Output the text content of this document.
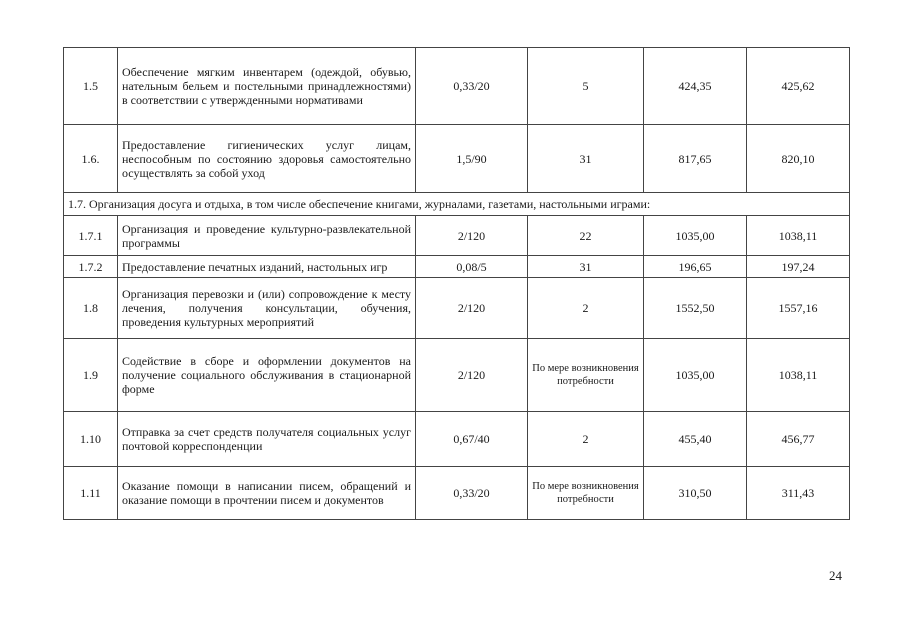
1.5	Обеспечение мягким инвентарем (одеждой, обувью, нательным бельем и постельными принадлежностями) в соответствии с утвержденными нормативами	0,33/20	5	424,35	425,62
1.6.	Предоставление гигиенических услуг лицам, неспособным по состоянию здоровья самостоятельно осуществлять за собой уход	1,5/90	31	817,65	820,10
1.7. Организация досуга и отдыха, в том числе обеспечение книгами, журналами, газетами, настольными играми:					
1.7.1	Организация и проведение культурно-развлекательной программы	2/120	22	1035,00	1038,11
1.7.2	Предоставление печатных изданий, настольных игр	0,08/5	31	196,65	197,24
1.8	Организация перевозки и (или) сопровождение к месту лечения, получения консультации, обучения, проведения культурных мероприятий	2/120	2	1552,50	1557,16
1.9	Содействие в сборе и оформлении документов на получение социального обслуживания в стационарной форме	2/120	По мере возникновения потребности	1035,00	1038,11
1.10	Отправка за счет средств получателя социальных услуг почтовой корреспонденции	0,67/40	2	455,40	456,77
1.11	Оказание помощи в написании писем, обращений и оказание помощи в прочтении писем и документов	0,33/20	По мере возникновения потребности	310,50	311,43
24
